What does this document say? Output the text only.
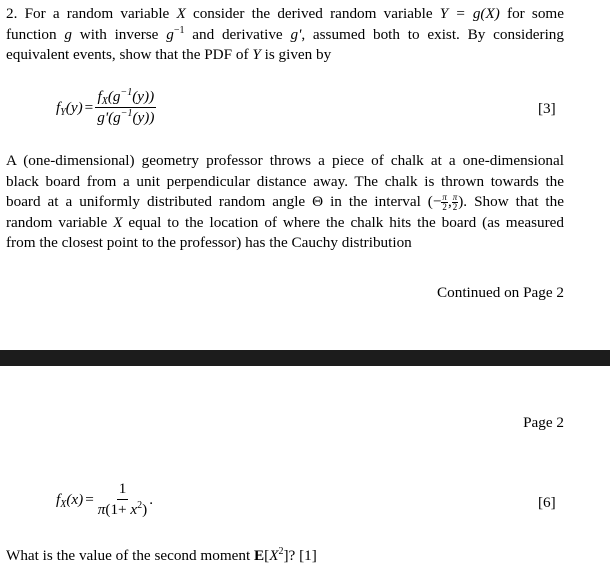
2. For a random variable X consider the derived random variable Y = g(X) for some function g with inverse $g^{-1}$ and derivative g', assumed both to exist. By considering equivalent events, show that the PDF of Y is given by

$f_Y(y) = \frac{f_X(g^{-1}(y))}{g'(g^{-1}(y))}$	[3]

A (one-dimensional) geometry professor throws a piece of chalk at a one-dimensional black board from a unit perpendicular distance away. The chalk is thrown towards the board at a uniformly distributed random angle Θ in the interval (− $\frac{\pi}{2}$ , $\frac{\pi}{2}$ ). Show that the random variable X equal to the location of where the chalk hits the board (as measured from the closest point to the professor) has the Cauchy distribution

Continued on Page 2
Page 2
$f_X(x) = \frac{1}{\pi(1+ x^2)}$ .	[6]

What is the value of the second moment $E[X^2]$? [1]
